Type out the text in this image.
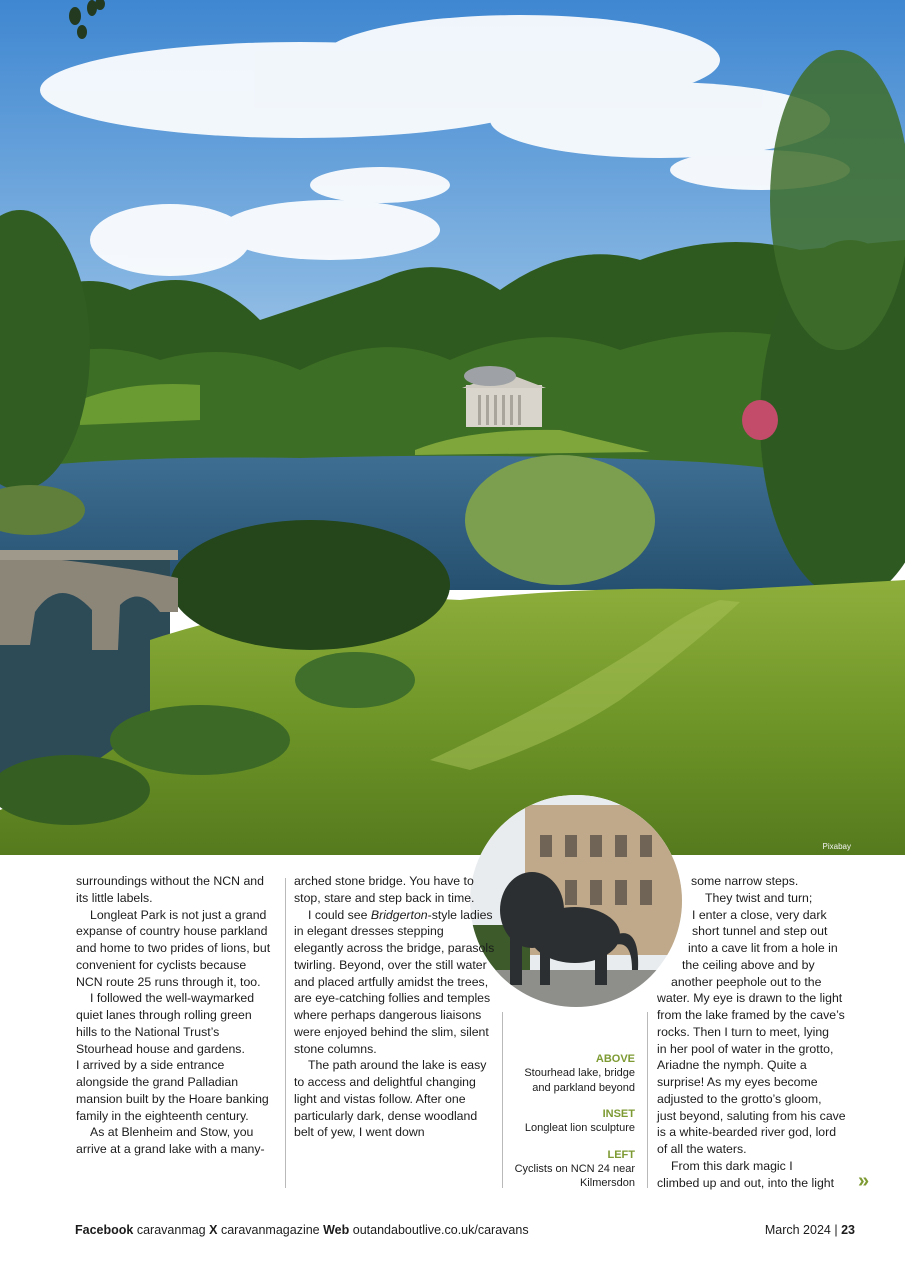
Pixabay

surroundings without the NCN and its little labels.

Longleat Park is not just a grand expanse of country house parkland and home to two prides of lions, but convenient for cyclists because NCN route 25 runs through it, too.

I followed the well-waymarked quiet lanes through rolling green hills to the National Trust’s Stourhead house and gardens.

I arrived by a side entrance alongside the grand Palladian mansion built by the Hoare banking family in the eighteenth century.

As at Blenheim and Stow, you arrive at a grand lake with a many-

arched stone bridge. You have to stop, stare and step back in time.

I could see Bridgerton-style ladies in elegant dresses stepping elegantly across the bridge, parasols twirling. Beyond, over the still water and placed artfully amidst the trees, are eye-catching follies and temples where perhaps dangerous liaisons were enjoyed behind the slim, silent stone columns.

The path around the lake is easy to access and delightful changing light and vistas follow. After one particularly dark, dense woodland belt of yew, I went down

ABOVE
Stourhead lake, bridge and parkland beyond
INSET
Longleat lion sculpture
LEFT
Cyclists on NCN 24 near Kilmersdon
some narrow steps.
They twist and turn;
I enter a close, very dark
short tunnel and step out
into a cave lit from a hole in
the ceiling above and by
another peephole out to the
water. My eye is drawn to the light
from the lake framed by the cave’s
rocks. Then I turn to meet, lying
in her pool of water in the grotto,
Ariadne the nymph. Quite a
surprise! As my eyes become
adjusted to the grotto’s gloom,
just beyond, saluting from his cave
is a white-bearded river god, lord
of all the waters.
From this dark magic I
climbed up and out, into the light	»
Facebook caravanmag X caravanmagazine Web outandaboutlive.co.uk/caravans	March 2024 | 23
